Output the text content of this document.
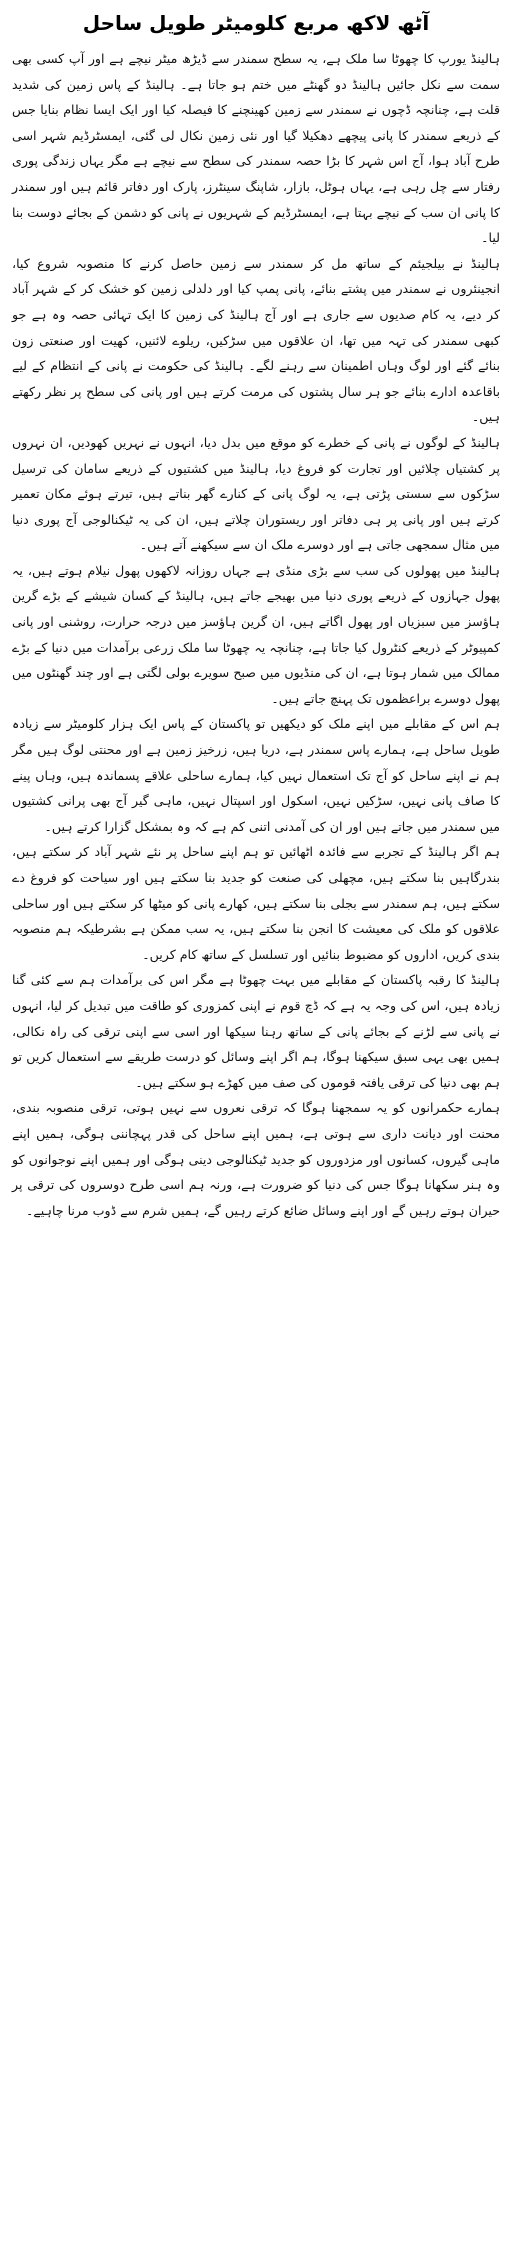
آٹھ لاکھ مربع کلومیٹر طویل ساحل

ہالینڈ یورپ کا چھوٹا سا ملک ہے، یہ سطح سمندر سے ڈیڑھ میٹر نیچے ہے اور آپ کسی بھی سمت سے نکل جائیں ہالینڈ دو گھنٹے میں ختم ہو جاتا ہے۔ ہالینڈ کے پاس زمین کی شدید قلت ہے، چنانچہ ڈچوں نے سمندر سے زمین کھینچنے کا فیصلہ کیا اور ایک ایسا نظام بنایا جس کے ذریعے سمندر کا پانی پیچھے دھکیلا گیا اور نئی زمین نکال لی گئی، ایمسٹرڈیم شہر اسی طرح آباد ہوا، آج اس شہر کا بڑا حصہ سمندر کی سطح سے نیچے ہے مگر یہاں زندگی پوری رفتار سے چل رہی ہے، یہاں ہوٹل، بازار، شاپنگ سینٹرز، پارک اور دفاتر قائم ہیں اور سمندر کا پانی ان سب کے نیچے بہتا ہے، ایمسٹرڈیم کے شہریوں نے پانی کو دشمن کے بجائے دوست بنا لیا۔

ہالینڈ نے بیلجیئم کے ساتھ مل کر سمندر سے زمین حاصل کرنے کا منصوبہ شروع کیا، انجینئروں نے سمندر میں پشتے بنائے، پانی پمپ کیا اور دلدلی زمین کو خشک کر کے شہر آباد کر دیے، یہ کام صدیوں سے جاری ہے اور آج ہالینڈ کی زمین کا ایک تہائی حصہ وہ ہے جو کبھی سمندر کی تہہ میں تھا، ان علاقوں میں سڑکیں، ریلوے لائنیں، کھیت اور صنعتی زون بنائے گئے اور لوگ وہاں اطمینان سے رہنے لگے۔ ہالینڈ کی حکومت نے پانی کے انتظام کے لیے باقاعدہ ادارے بنائے جو ہر سال پشتوں کی مرمت کرتے ہیں اور پانی کی سطح پر نظر رکھتے ہیں۔

ہالینڈ کے لوگوں نے پانی کے خطرے کو موقع میں بدل دیا، انہوں نے نہریں کھودیں، ان نہروں پر کشتیاں چلائیں اور تجارت کو فروغ دیا، ہالینڈ میں کشتیوں کے ذریعے سامان کی ترسیل سڑکوں سے سستی پڑتی ہے، یہ لوگ پانی کے کنارے گھر بناتے ہیں، تیرتے ہوئے مکان تعمیر کرتے ہیں اور پانی پر ہی دفاتر اور ریستوران چلاتے ہیں، ان کی یہ ٹیکنالوجی آج پوری دنیا میں مثال سمجھی جاتی ہے اور دوسرے ملک ان سے سیکھنے آتے ہیں۔

ہالینڈ میں پھولوں کی سب سے بڑی منڈی ہے جہاں روزانہ لاکھوں پھول نیلام ہوتے ہیں، یہ پھول جہازوں کے ذریعے پوری دنیا میں بھیجے جاتے ہیں، ہالینڈ کے کسان شیشے کے بڑے گرین ہاؤسز میں سبزیاں اور پھول اگاتے ہیں، ان گرین ہاؤسز میں درجہ حرارت، روشنی اور پانی کمپیوٹر کے ذریعے کنٹرول کیا جاتا ہے، چنانچہ یہ چھوٹا سا ملک زرعی برآمدات میں دنیا کے بڑے ممالک میں شمار ہوتا ہے، ان کی منڈیوں میں صبح سویرے بولی لگتی ہے اور چند گھنٹوں میں پھول دوسرے براعظموں تک پہنچ جاتے ہیں۔

ہم اس کے مقابلے میں اپنے ملک کو دیکھیں تو پاکستان کے پاس ایک ہزار کلومیٹر سے زیادہ طویل ساحل ہے، ہمارے پاس سمندر ہے، دریا ہیں، زرخیز زمین ہے اور محنتی لوگ ہیں مگر ہم نے اپنے ساحل کو آج تک استعمال نہیں کیا، ہمارے ساحلی علاقے پسماندہ ہیں، وہاں پینے کا صاف پانی نہیں، سڑکیں نہیں، اسکول اور اسپتال نہیں، ماہی گیر آج بھی پرانی کشتیوں میں سمندر میں جاتے ہیں اور ان کی آمدنی اتنی کم ہے کہ وہ بمشکل گزارا کرتے ہیں۔

ہم اگر ہالینڈ کے تجربے سے فائدہ اٹھائیں تو ہم اپنے ساحل پر نئے شہر آباد کر سکتے ہیں، بندرگاہیں بنا سکتے ہیں، مچھلی کی صنعت کو جدید بنا سکتے ہیں اور سیاحت کو فروغ دے سکتے ہیں، ہم سمندر سے بجلی بنا سکتے ہیں، کھارے پانی کو میٹھا کر سکتے ہیں اور ساحلی علاقوں کو ملک کی معیشت کا انجن بنا سکتے ہیں، یہ سب ممکن ہے بشرطیکہ ہم منصوبہ بندی کریں، اداروں کو مضبوط بنائیں اور تسلسل کے ساتھ کام کریں۔

ہالینڈ کا رقبہ پاکستان کے مقابلے میں بہت چھوٹا ہے مگر اس کی برآمدات ہم سے کئی گنا زیادہ ہیں، اس کی وجہ یہ ہے کہ ڈچ قوم نے اپنی کمزوری کو طاقت میں تبدیل کر لیا، انہوں نے پانی سے لڑنے کے بجائے پانی کے ساتھ رہنا سیکھا اور اسی سے اپنی ترقی کی راہ نکالی، ہمیں بھی یہی سبق سیکھنا ہوگا، ہم اگر اپنے وسائل کو درست طریقے سے استعمال کریں تو ہم بھی دنیا کی ترقی یافتہ قوموں کی صف میں کھڑے ہو سکتے ہیں۔

ہمارے حکمرانوں کو یہ سمجھنا ہوگا کہ ترقی نعروں سے نہیں ہوتی، ترقی منصوبہ بندی، محنت اور دیانت داری سے ہوتی ہے، ہمیں اپنے ساحل کی قدر پہچاننی ہوگی، ہمیں اپنے ماہی گیروں، کسانوں اور مزدوروں کو جدید ٹیکنالوجی دینی ہوگی اور ہمیں اپنے نوجوانوں کو وہ ہنر سکھانا ہوگا جس کی دنیا کو ضرورت ہے، ورنہ ہم اسی طرح دوسروں کی ترقی پر حیران ہوتے رہیں گے اور اپنے وسائل ضائع کرتے رہیں گے، ہمیں شرم سے ڈوب مرنا چاہیے۔
